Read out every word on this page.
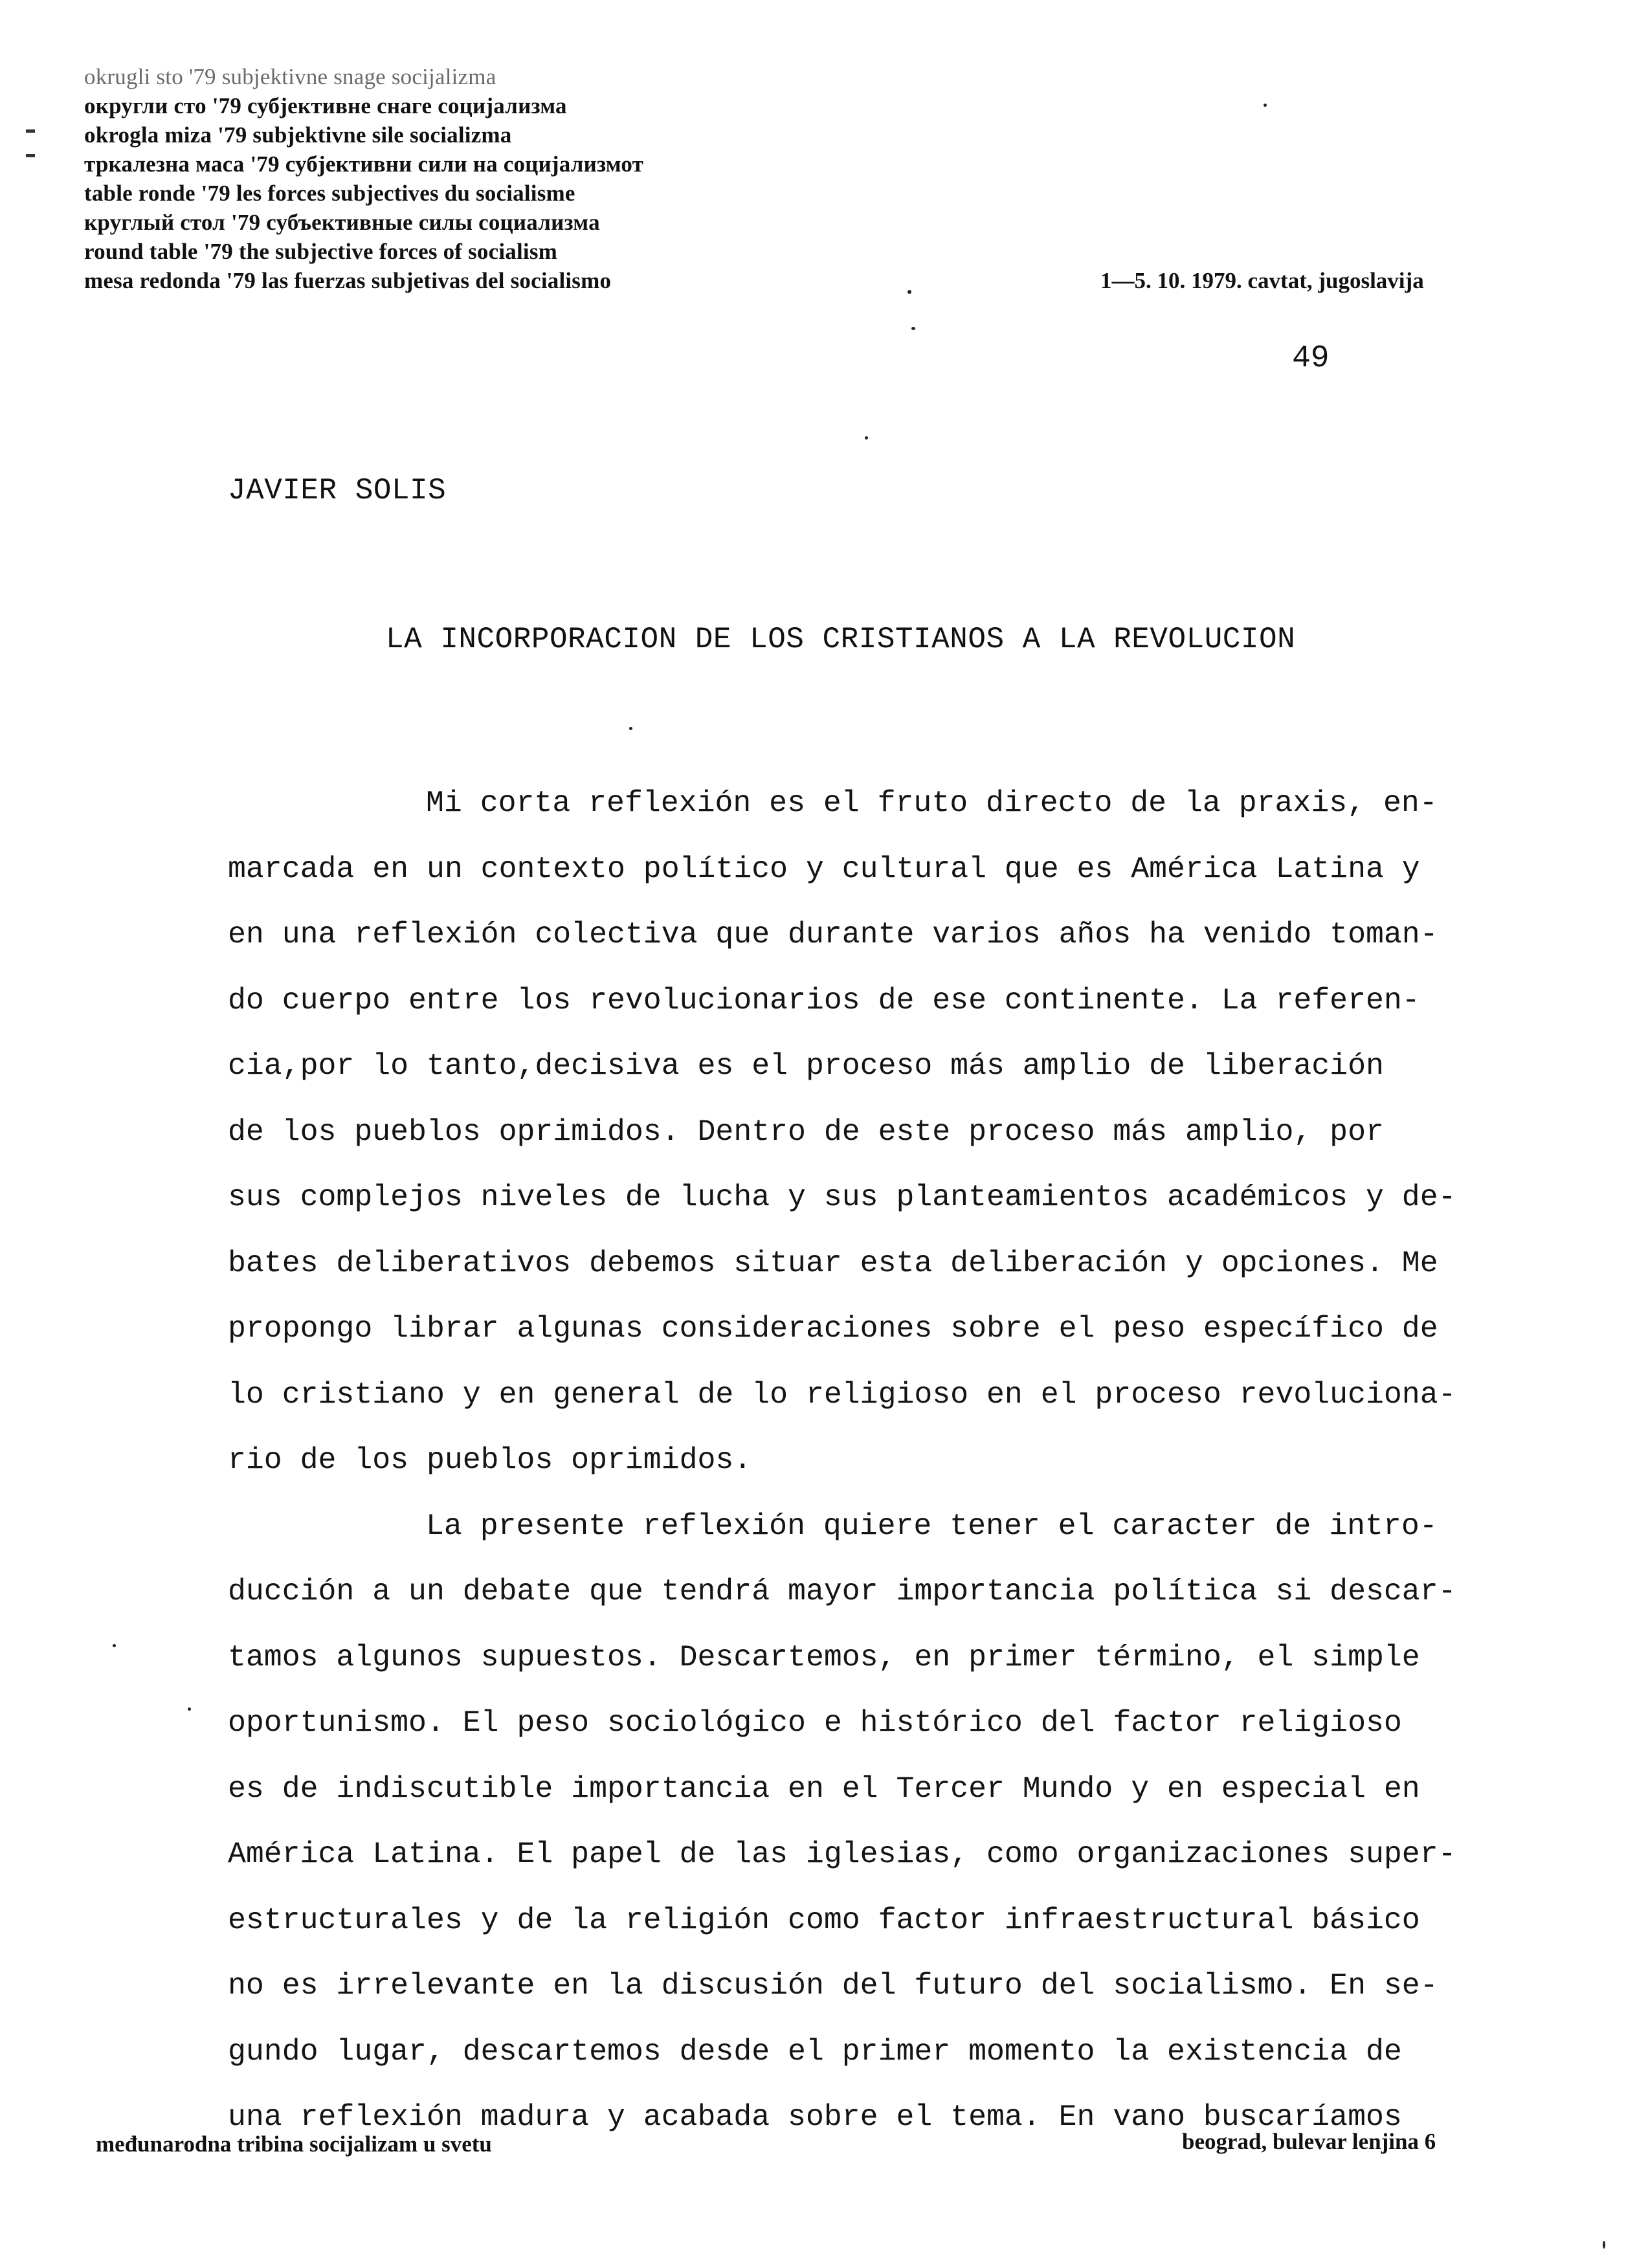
okrugli sto '79 subjektivne snage socijalizma
округли сто '79 субјективне снаге социјализма
okrogla miza '79 subjektivne sile socializma
тркалезна маса '79 субјективни сили на социјализмот
table ronde '79 les forces subjectives du socialisme
круглый стол '79 субъективные силы социализма
round table '79 the subjective forces of socialism
mesa redonda '79 las fuerzas subjetivas del socialismo	1—5. 10. 1979. cavtat, jugoslavija
49
JAVIER SOLIS
LA INCORPORACION DE LOS CRISTIANOS A LA REVOLUCION
Mi corta reflexión es el fruto directo de la praxis, en-
marcada en un contexto político y cultural que es América Latina y
en una reflexión colectiva que durante varios años ha venido toman-
do cuerpo entre los revolucionarios de ese continente. La referen-
cia,por lo tanto,decisiva es el proceso más amplio de liberación
de los pueblos oprimidos. Dentro de este proceso más amplio, por
sus complejos niveles de lucha y sus planteamientos académicos y de-
bates deliberativos debemos situar esta deliberación y opciones. Me
propongo librar algunas consideraciones sobre el peso específico de
lo cristiano y en general de lo religioso en el proceso revoluciona-
rio de los pueblos oprimidos.
La presente reflexión quiere tener el caracter de intro-
ducción a un debate que tendrá mayor importancia política si descar-
tamos algunos supuestos. Descartemos, en primer término, el simple
oportunismo. El peso sociológico e histórico del factor religioso
es de indiscutible importancia en el Tercer Mundo y en especial en
América Latina. El papel de las iglesias, como organizaciones super-
estructurales y de la religión como factor infraestructural básico
no es irrelevante en la discusión del futuro del socialismo. En se-
gundo lugar, descartemos desde el primer momento la existencia de
una reflexión madura y acabada sobre el tema. En vano buscaríamos
međunarodna tribina socijalizam u svetu	beograd, bulevar lenjina 6
